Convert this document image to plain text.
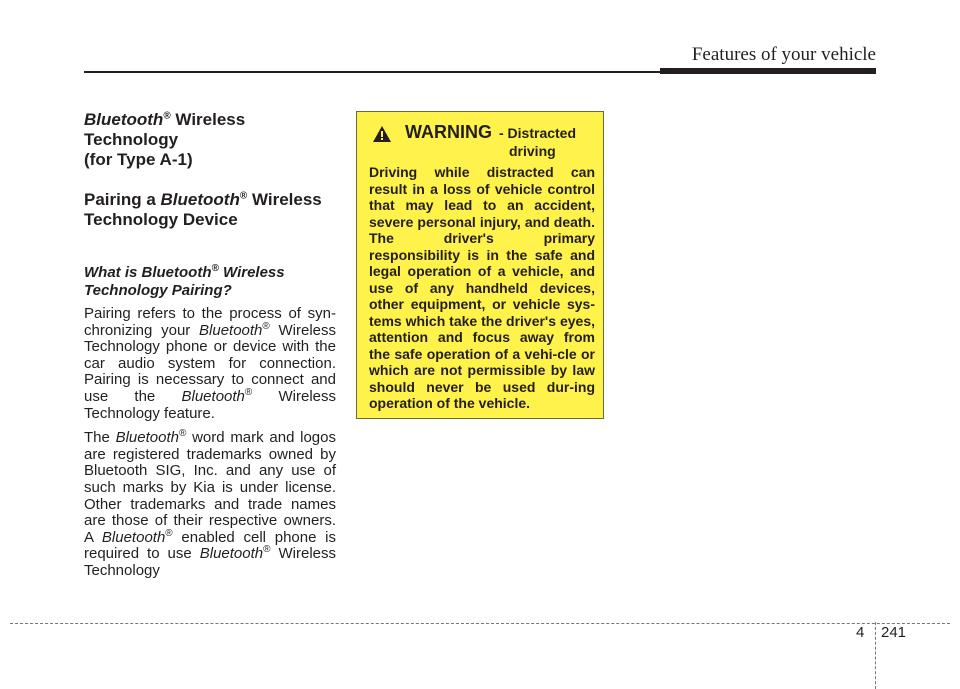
Features of your vehicle

Bluetooth® Wireless Technology
(for Type A-1)

Pairing a Bluetooth® Wireless
Technology Device

What is Bluetooth® Wireless
Technology Pairing?

Pairing refers to the process of syn-chronizing your Bluetooth® Wireless Technology phone or device with the car audio system for connection. Pairing is necessary to connect and use the Bluetooth® Wireless Technology feature.

The Bluetooth® word mark and logos are registered trademarks owned by Bluetooth SIG, Inc. and any use of such marks by Kia is under license. Other trademarks and trade names are those of their respective owners. A Bluetooth® enabled cell phone is required to use Bluetooth® Wireless Technology

WARNING - Distracted
driving
Driving while distracted can result in a loss of vehicle control that may lead to an accident, severe personal injury, and death. The driver's primary responsibility is in the safe and legal operation of a vehicle, and use of any handheld devices, other equipment, or vehicle sys-tems which take the driver's eyes, attention and focus away from the safe operation of a vehi-cle or which are not permissible by law should never be used dur-ing operation of the vehicle.
4 241
